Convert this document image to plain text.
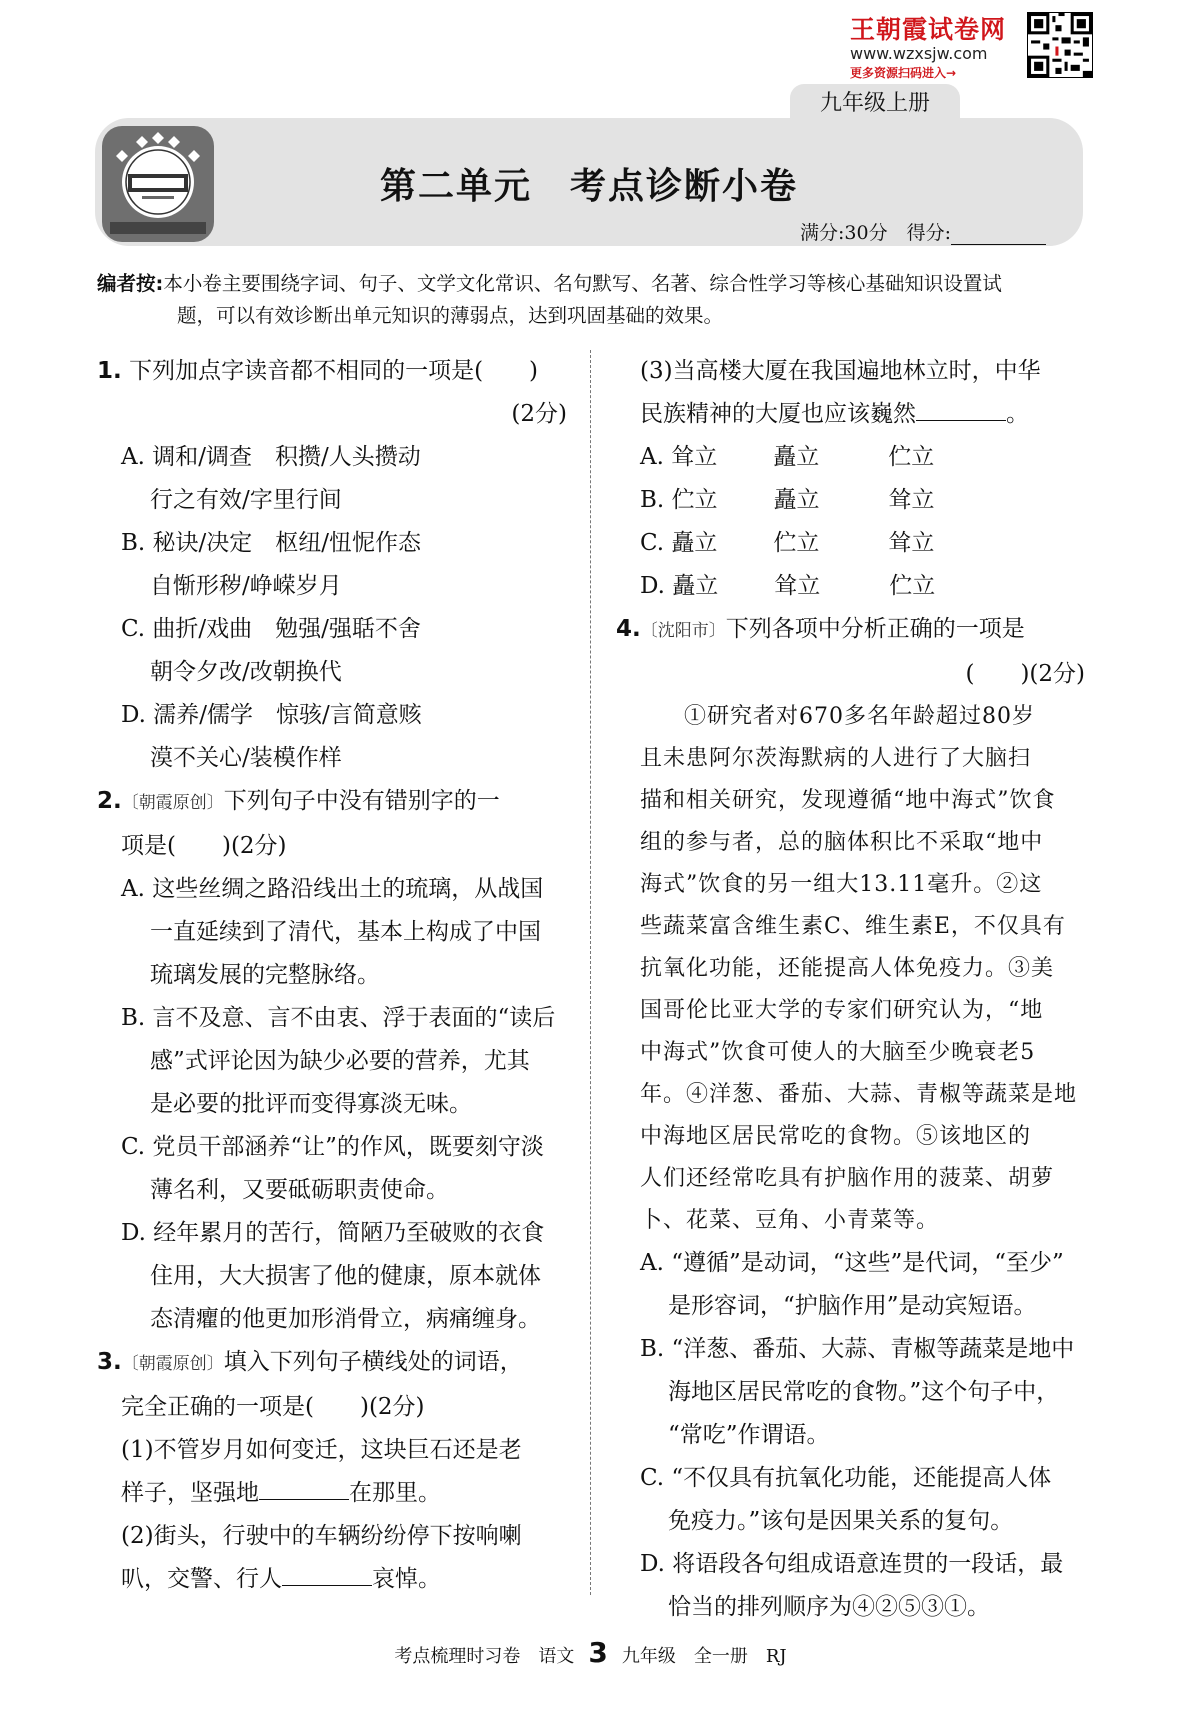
王朝霞试卷网
www.wzxsjw.com
更多资源扫码进入→
九年级上册
第二单元　考点诊断小卷
满分:30分　得分:
编者按:本小卷主要围绕字词、句子、文学文化常识、名句默写、名著、综合性学习等核心基础知识设置试
题，可以有效诊断出单元知识的薄弱点，达到巩固基础的效果。
1. 下列加点字读音都不相同的一项是(　　)
(2分)
A. 调和/调查　积攒/人头攒动
行之有效/字里行间
B. 秘诀/决定　枢纽/忸怩作态
自惭形秽/峥嵘岁月
C. 曲折/戏曲　勉强/强聒不舍
朝令夕改/改朝换代
D. 濡养/儒学　惊骇/言简意赅
漠不关心/装模作样
2.〔朝霞原创〕下列句子中没有错别字的一
项是(　　)(2分)
A. 这些丝绸之路沿线出土的琉璃，从战国
一直延续到了清代，基本上构成了中国
琉璃发展的完整脉络。
B. 言不及意、言不由衷、浮于表面的“读后
感”式评论因为缺少必要的营养，尤其
是必要的批评而变得寡淡无味。
C. 党员干部涵养“让”的作风，既要刻守淡
薄名利，又要砥砺职责使命。
D. 经年累月的苦行，简陋乃至破败的衣食
住用，大大损害了他的健康，原本就体
态清癯的他更加形消骨立，病痛缠身。
3.〔朝霞原创〕填入下列句子横线处的词语，
完全正确的一项是(　　)(2分)
(1)不管岁月如何变迁，这块巨石还是老
样子，坚强地	在那里。
(2)街头，行驶中的车辆纷纷停下按响喇
叭，交警、行人	哀悼。
(3)当高楼大厦在我国遍地林立时，中华
民族精神的大厦也应该巍然	。
A. 耸立　　 矗立　　　	伫立
B. 伫立　　 矗立　　　	耸立
C. 矗立　　 伫立　　　	耸立
D. 矗立　　 耸立　　　	伫立
4.〔沈阳市〕下列各项中分析正确的一项是
(　　)(2分)
①研究者对670多名年龄超过80岁
且未患阿尔茨海默病的人进行了大脑扫
描和相关研究，发现遵循“地中海式”饮食
组的参与者，总的脑体积比不采取“地中
海式”饮食的另一组大13.11毫升。②这
些蔬菜富含维生素C、维生素E，不仅具有
抗氧化功能，还能提高人体免疫力。③美
国哥伦比亚大学的专家们研究认为，“地
中海式”饮食可使人的大脑至少晚衰老5
年。④洋葱、番茄、大蒜、青椒等蔬菜是地
中海地区居民常吃的食物。⑤该地区的
人们还经常吃具有护脑作用的菠菜、胡萝
卜、花菜、豆角、小青菜等。
A. “遵循”是动词，“这些”是代词，“至少”
是形容词，“护脑作用”是动宾短语。
B. “洋葱、番茄、大蒜、青椒等蔬菜是地中
海地区居民常吃的食物。”这个句子中，
“常吃”作谓语。
C. “不仅具有抗氧化功能，还能提高人体
免疫力。”该句是因果关系的复句。
D. 将语段各句组成语意连贯的一段话，最
恰当的排列顺序为④②⑤③①。
考点梳理时习卷　语文 3 九年级　全一册　RJ
